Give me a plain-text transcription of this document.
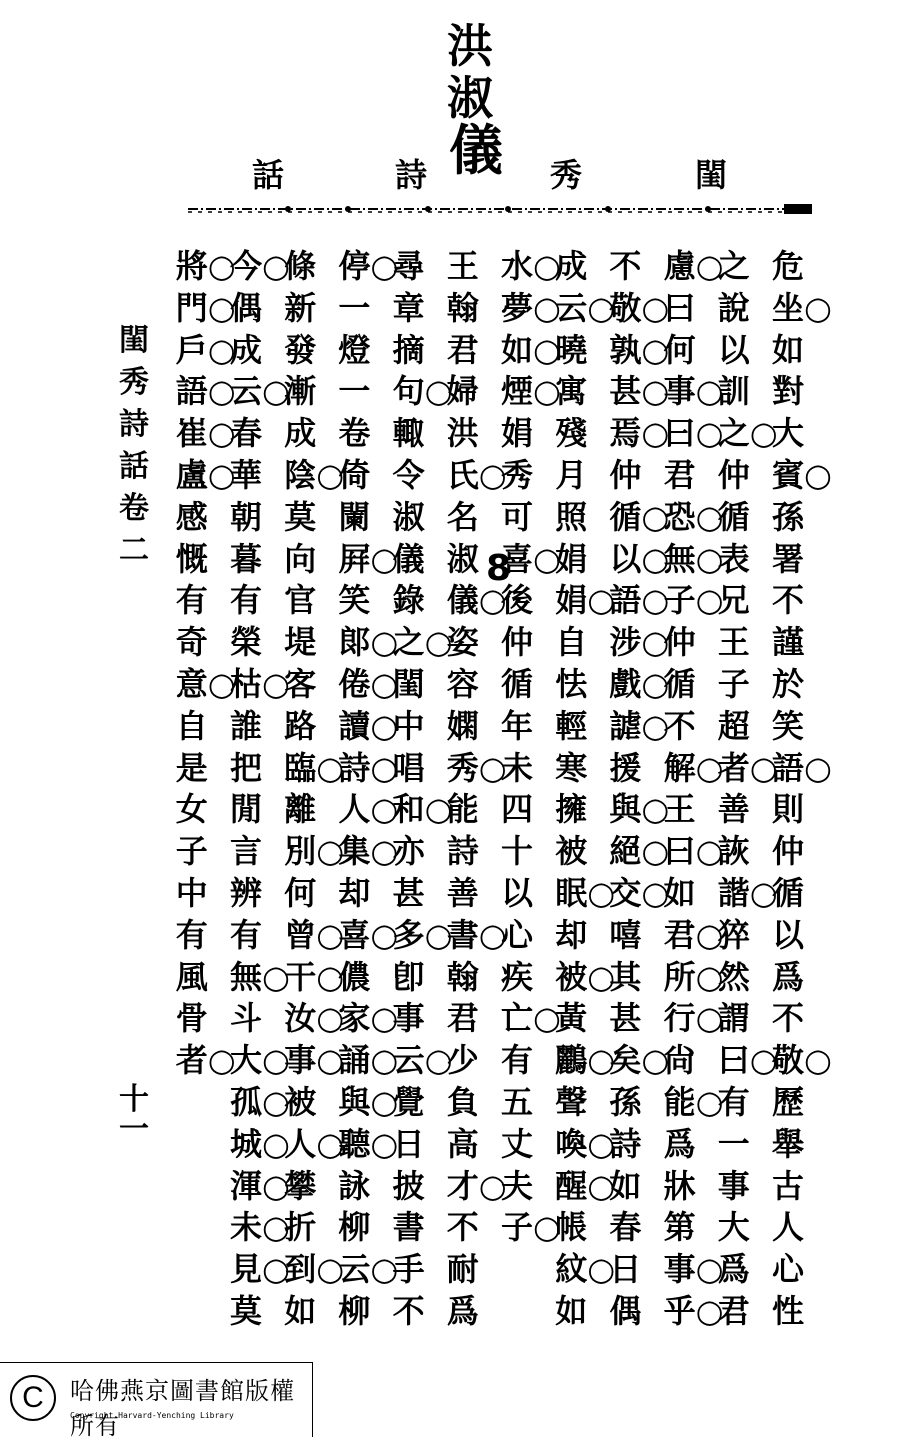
洪
淑
儀	閨
秀
詩
話
閨
秀
詩
話
卷
二
十
一
8
危
坐○
如
對
大
賓○
孫
署
不
謹
於
笑
語○
則
仲
循
以
爲
不
敬○
歷
舉
古
人
心
性
之
說
以
訓
之○
仲
循
表
兄
王
子
超
者○
善
詼
諧○
猝
然
謂
曰○
有
一
事
大
爲
君
慮○
曰
何
事○
曰○
君
恐○
無○
子○
仲
循
不
解○
王
曰○
如
君○
所○
行○
尙
能○
爲
牀
第
事○
乎○
不
敬○
孰○
甚○
焉○
仲
循○
以○
語○
涉○
戲○
謔○
援
與○
絕○
交○
嘻
其
甚
矣○
孫
詩
如
春
日
偶
成
云○
曉
寓
殘
月
照
娟
娟○
自
怯
輕
寒
擁
被
眠○
却
被○
黃
鸝○
聲
喚○
醒○
帳
紋○
如
水○
夢○
如○
煙○
娟
秀
可
喜○
後
仲
循
年
未
四
十
以
心
疾
亡○
有
五
丈
夫
子○
王
翰
君
婦
洪
氏○
名
淑
儀○
姿
容
嫻
秀○
能
詩
善
書○
翰
君
少
負
高
才○
不
耐
爲
尋
章
摘
句○
輙
令
淑
儀
錄
之○
閨
中
唱
和○
亦
甚
多○
卽
事
云○
覺
日
披
書
手
不
停○
一
燈
一
卷
倚
闌
屛○
笑
郞○
倦○
讀○
詩○
人○
集○
却
喜○
儂
家○
誦○
與○
聽○
詠
柳
云○
柳
條
新
發
漸
成
陰○
莫
向
官
堤
客
路
臨○
離
別○
何
曾○
干○
汝○
事○
被
人○
攀
折
到○
如
今○
偶
成
云○
春
華
朝
暮
有
榮
枯○
誰
把
閒
言
辨
有
無○
斗
大○
孤○
城○
渾○
未○
見○
莫
將○
門○
戶○
語○
崔○
盧○
感
慨
有
奇
意○
自
是
女
子
中
有
風
骨
者○
C 哈佛燕京圖書館版權所有
Copyright Harvard-Yenching Library
